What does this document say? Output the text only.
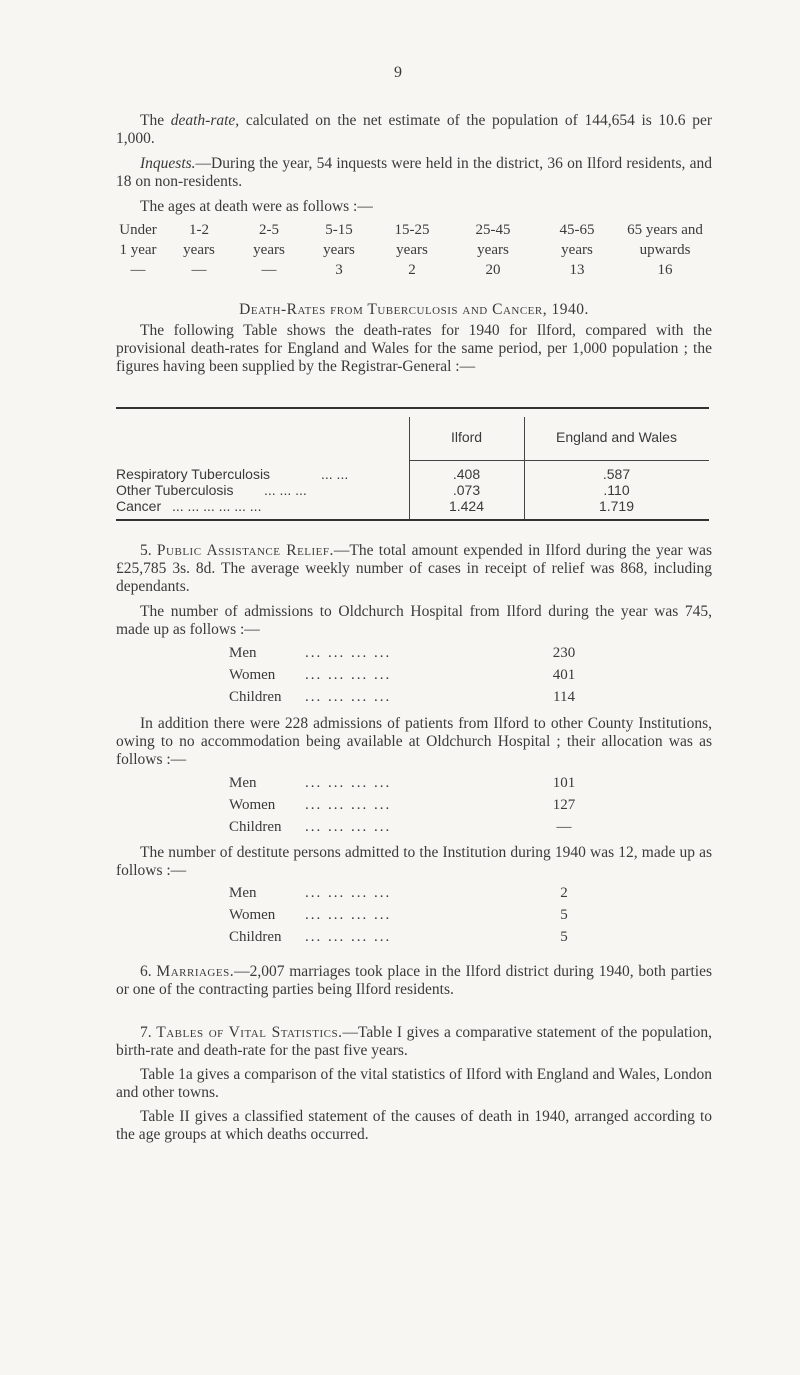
9

The death-rate, calculated on the net estimate of the population of 144,654 is 10.6 per 1,000.

Inquests.—During the year, 54 inquests were held in the district, 36 on Ilford residents, and 18 on non-residents.

The ages at death were as follows :—

Under	1-2	2-5	5-15	15-25	25-45	45-65	65 years and
1 year	years	years	years	years	years	years	upwards
—	—	—	3	2	20	13	16
Death-Rates from Tuberculosis and Cancer, 1940.

The following Table shows the death-rates for 1940 for Ilford, compared with the provisional death-rates for England and Wales for the same period, per 1,000 population ; the figures having been supplied by the Registrar-General :—

Ilford	England and Wales
Respiratory Tuberculosis	... ...	.408	.587
Other Tuberculosis ... ... ...	.073	.110
Cancer ... ... ... ... ... ...	1.424	1.719

5. Public Assistance Relief.—The total amount expended in Ilford during the year was £25,785 3s. 8d. The average weekly number of cases in receipt of relief was 868, including dependants.

The number of admissions to Oldchurch Hospital from Ilford during the year was 745, made up as follows :—

Men	... ... ... ...	230
Women ... ... ... ...	401
Children ... ... ... ...	114

In addition there were 228 admissions of patients from Ilford to other County Institutions, owing to no accommodation being available at Oldchurch Hospital ; their allocation was as follows :—

Men	... ... ... ...	101
Women ... ... ... ...	127
Children ... ... ... ...	—

The number of destitute persons admitted to the Institution during 1940 was 12, made up as follows :—

Men	... ... ... ...	2
Women ... ... ... ...	5
Children ... ... ... ...	5

6. Marriages.—2,007 marriages took place in the Ilford district during 1940, both parties or one of the contracting parties being Ilford residents.

7. Tables of Vital Statistics.—Table I gives a comparative statement of the population, birth-rate and death-rate for the past five years.

Table 1a gives a comparison of the vital statistics of Ilford with England and Wales, London and other towns.

Table II gives a classified statement of the causes of death in 1940, arranged according to the age groups at which deaths occurred.
